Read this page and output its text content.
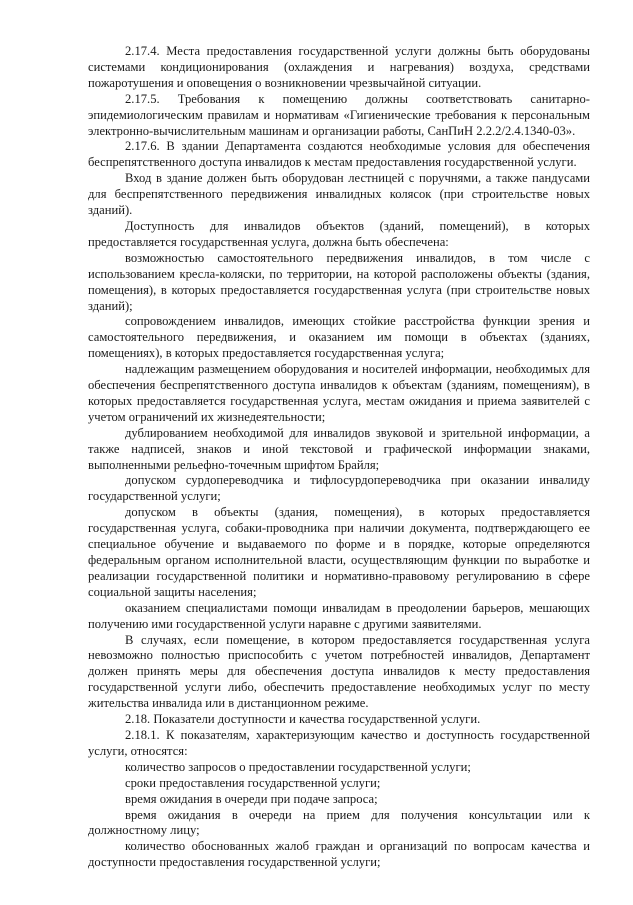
2.17.4. Места предоставления государственной услуги должны быть оборудованы системами кондиционирования (охлаждения и нагревания) воздуха, средствами пожаротушения и оповещения о возникновении чрезвычайной ситуации.

2.17.5. Требования к помещению должны соответствовать санитарно-эпидемиологическим правилам и нормативам «Гигиенические требования к персональным электронно-вычислительным машинам и организации работы, СанПиН 2.2.2/2.4.1340-03».

2.17.6. В здании Департамента создаются необходимые условия для обеспечения беспрепятственного доступа инвалидов к местам предоставления государственной услуги.

Вход в здание должен быть оборудован лестницей с поручнями, а также пандусами для беспрепятственного передвижения инвалидных колясок (при строительстве новых зданий).

Доступность для инвалидов объектов (зданий, помещений), в которых предоставляется государственная услуга, должна быть обеспечена:

возможностью самостоятельного передвижения инвалидов, в том числе с использованием кресла-коляски, по территории, на которой расположены объекты (здания, помещения), в которых предоставляется государственная услуга (при строительстве новых зданий);

сопровождением инвалидов, имеющих стойкие расстройства функции зрения и самостоятельного передвижения, и оказанием им помощи в объектах (зданиях, помещениях), в которых предоставляется государственная услуга;

надлежащим размещением оборудования и носителей информации, необходимых для обеспечения беспрепятственного доступа инвалидов к объектам (зданиям, помещениям), в которых предоставляется государственная услуга, местам ожидания и приема заявителей с учетом ограничений их жизнедеятельности;

дублированием необходимой для инвалидов звуковой и зрительной информации, а также надписей, знаков и иной текстовой и графической информации знаками, выполненными рельефно-точечным шрифтом Брайля;

допуском сурдопереводчика и тифлосурдопереводчика при оказании инвалиду государственной услуги;

допуском в объекты (здания, помещения), в которых предоставляется государственная услуга, собаки-проводника при наличии документа, подтверждающего ее специальное обучение и выдаваемого по форме и в порядке, которые определяются федеральным органом исполнительной власти, осуществляющим функции по выработке и реализации государственной политики и нормативно-правовому регулированию в сфере социальной защиты населения;

оказанием специалистами помощи инвалидам в преодолении барьеров, мешающих получению ими государственной услуги наравне с другими заявителями.

В случаях, если помещение, в котором предоставляется государственная услуга невозможно полностью приспособить с учетом потребностей инвалидов, Департамент должен принять меры для обеспечения доступа инвалидов к месту предоставления государственной услуги либо, обеспечить предоставление необходимых услуг по месту жительства инвалида или в дистанционном режиме.

2.18. Показатели доступности и качества государственной услуги.

2.18.1. К показателям, характеризующим качество и доступность государственной услуги, относятся:

количество запросов о предоставлении государственной услуги;

сроки предоставления государственной услуги;

время ожидания в очереди при подаче запроса;

время ожидания в очереди на прием для получения консультации или к должностному лицу;

количество обоснованных жалоб граждан и организаций по вопросам качества и доступности предоставления государственной услуги;
